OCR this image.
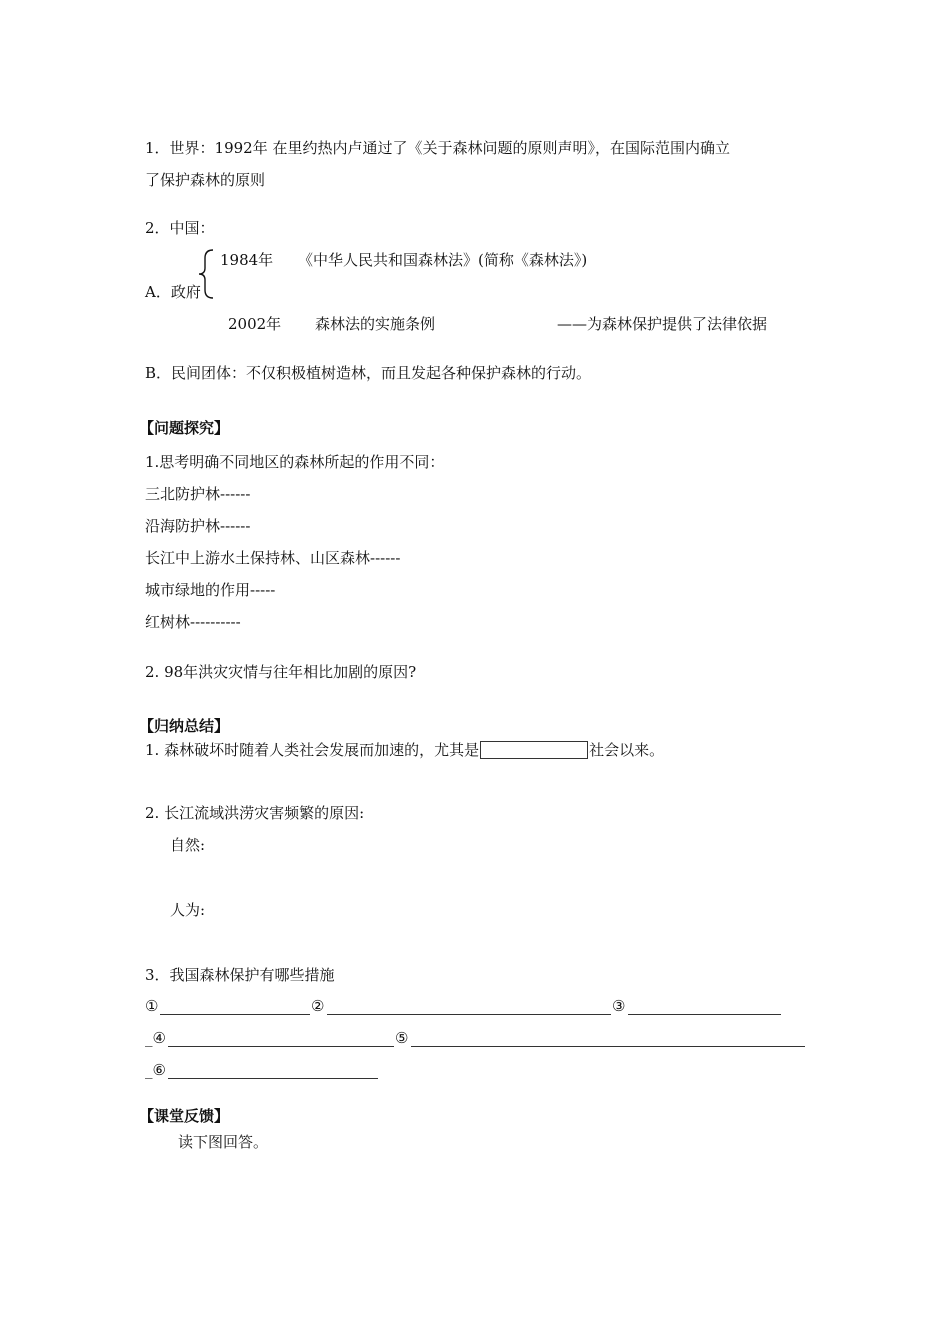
1．世界：1992年 在里约热内卢通过了《关于森林问题的原则声明》，在国际范围内确立
了保护森林的原则
2．中国：
1984年 《中华人民共和国森林法》(简称《森林法》)
A．政府
2002年 森林法的实施条例	——为森林保护提供了法律依据
B．民间团体：不仅积极植树造林，而且发起各种保护森林的行动。
【问题探究】
1.思考明确不同地区的森林所起的作用不同：
三北防护林------
沿海防护林------
长江中上游水土保持林、山区森林------
城市绿地的作用-----
红树林----------
2. 98年洪灾灾情与往年相比加剧的原因?
【归纳总结】
1. 森林破坏时随着人类社会发展而加速的，尤其是	社会以来。
2. 长江流域洪涝灾害频繁的原因:
自然:
人为:
3．我国森林保护有哪些措施
①	②	③
_④	⑤
_⑥
【课堂反馈】
读下图回答。
